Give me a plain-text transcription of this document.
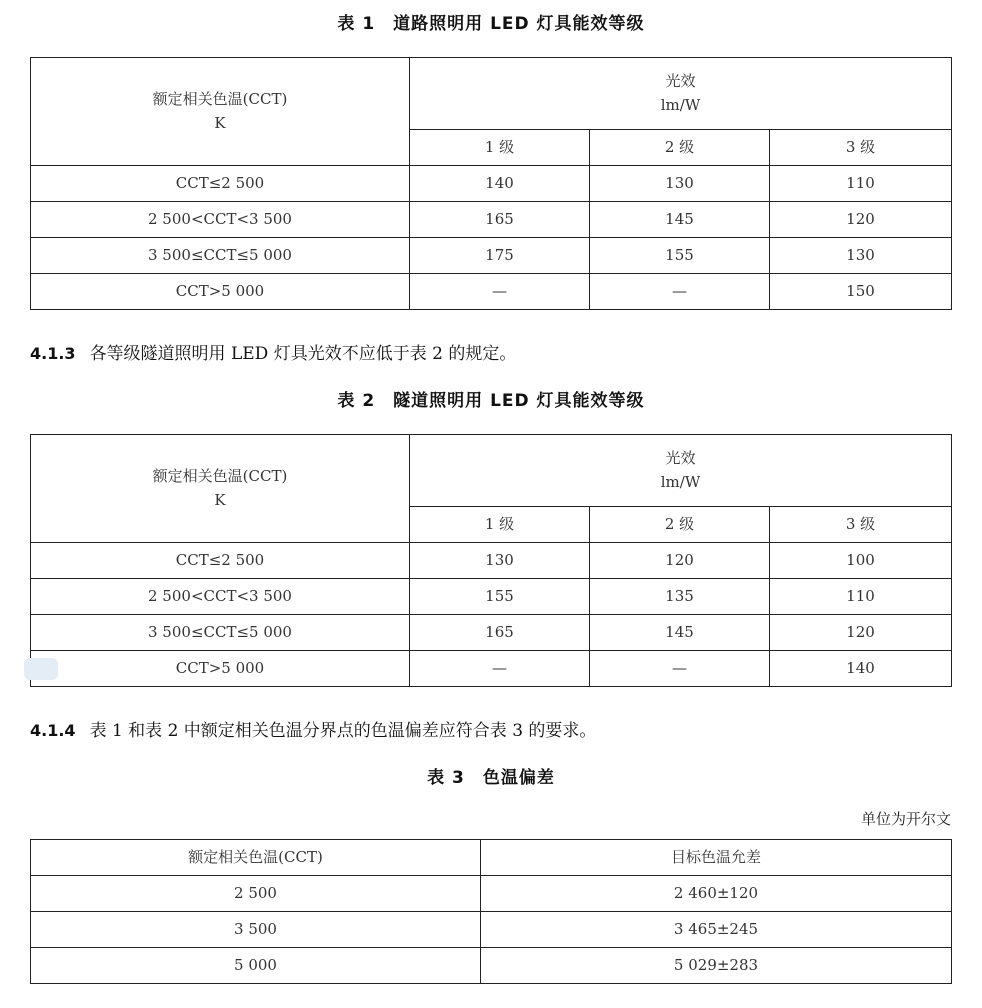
表 1　道路照明用 LED 灯具能效等级
额定相关色温(CCT)
K	光效
lm/W		

	1 级	2 级	3 级
CCT≤2 500	140	130	110
2 500<CCT<3 500	165	145	120
3 500≤CCT≤5 000	175	155	130
CCT>5 000	—	—	150
4.1.3 各等级隧道照明用 LED 灯具光效不应低于表 2 的规定。
表 2　隧道照明用 LED 灯具能效等级
额定相关色温(CCT)
K	光效
lm/W		

	1 级	2 级	3 级
CCT≤2 500	130	120	100
2 500<CCT<3 500	155	135	110
3 500≤CCT≤5 000	165	145	120
CCT>5 000	—	—	140
4.1.4 表 1 和表 2 中额定相关色温分界点的色温偏差应符合表 3 的要求。
表 3　色温偏差
单位为开尔文
额定相关色温(CCT)	目标色温允差
2 500	2 460±120
3 500	3 465±245
5 000	5 029±283
